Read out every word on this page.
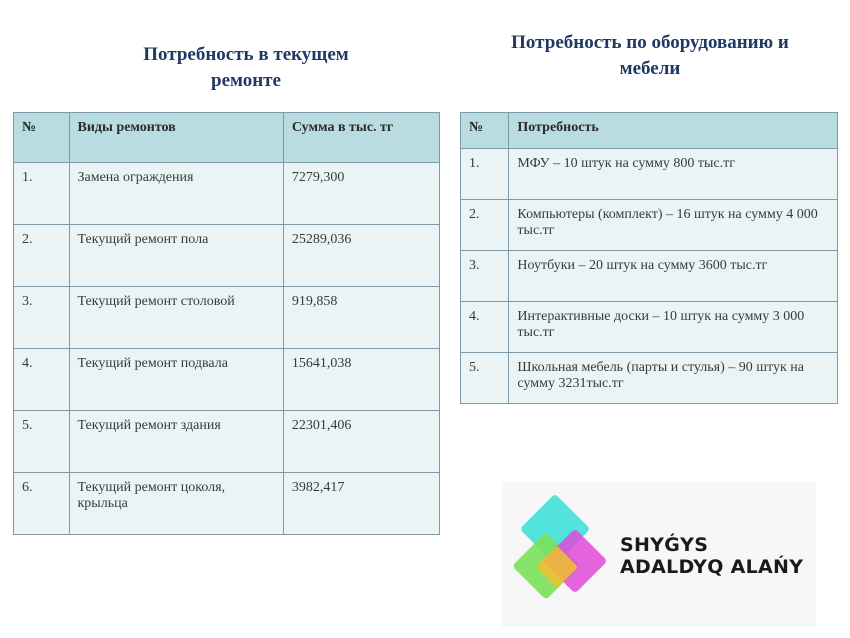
Потребность в текущем ремонте
Потребность по оборудованию и мебели
№	Виды ремонтов	Сумма в тыс. тг
1.	Замена ограждения	7279,300
2.	Текущий ремонт пола	25289,036
3.	Текущий ремонт столовой	919,858
4.	Текущий ремонт подвала	15641,038
5.	Текущий ремонт здания	22301,406
6.	Текущий ремонт цоколя, крыльца	3982,417
№	Потребность
1.	МФУ – 10 штук на сумму 800 тыс.тг
2.	Компьютеры (комплект) – 16 штук на сумму 4 000 тыс.тг
3.	Ноутбуки – 20 штук на сумму 3600 тыс.тг
4.	Интерактивные доски – 10 штук на сумму 3 000 тыс.тг
5.	Школьная мебель (парты и стулья) – 90 штук на сумму 3231тыс.тг
SHYǴYS
ADALDYQ ALAŃY
